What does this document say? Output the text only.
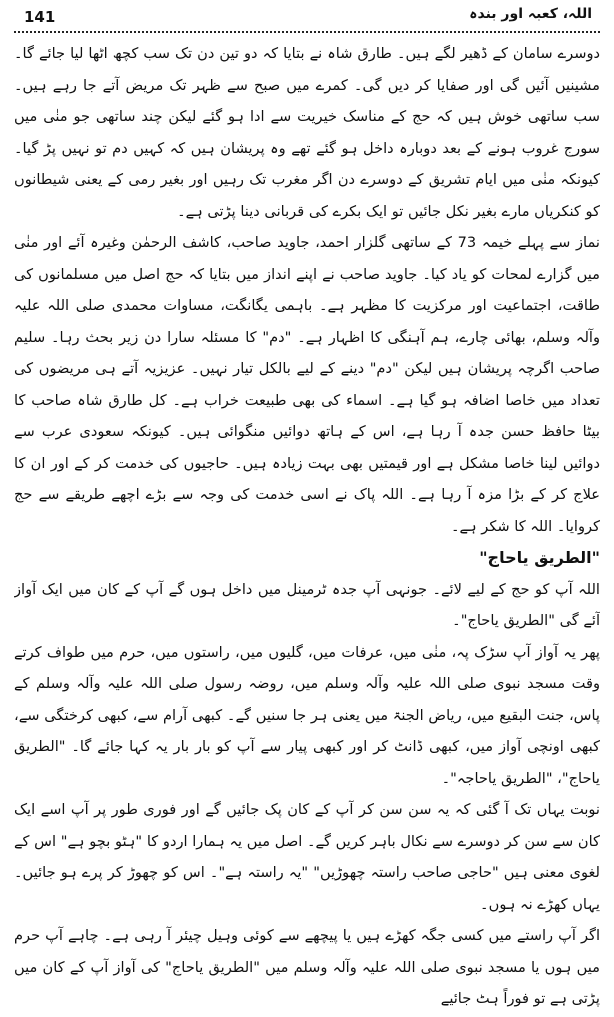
141	اللہ، کعبہ اور بندہ

دوسرے سامان کے ڈھیر لگے ہیں۔ طارق شاہ نے بتایا کہ دو تین دن تک سب کچھ اٹھا لیا جائے گا۔ مشینیں آئیں گی اور صفایا کر دیں گی۔ کمرے میں صبح سے ظہر تک مریض آتے جا رہے ہیں۔ سب ساتھی خوش ہیں کہ حج کے مناسک خیریت سے ادا ہو گئے لیکن چند ساتھی جو منٰی میں سورج غروب ہونے کے بعد دوبارہ داخل ہو گئے تھے وہ پریشان ہیں کہ کہیں دم تو نہیں پڑ گیا۔ کیونکہ منٰی میں ایام تشریق کے دوسرے دن اگر مغرب تک رہیں اور بغیر رمی کے یعنی شیطانوں کو کنکریاں مارے بغیر نکل جائیں تو ایک بکرے کی قربانی دینا پڑتی ہے۔

نماز سے پہلے خیمہ 73 کے ساتھی گلزار احمد، جاوید صاحب، کاشف الرحمٰن وغیرہ آئے اور منٰی میں گزارے لمحات کو یاد کیا۔ جاوید صاحب نے اپنے انداز میں بتایا کہ حج اصل میں مسلمانوں کی طاقت، اجتماعیت اور مرکزیت کا مظہر ہے۔ باہمی یگانگت، مساوات محمدی صلی اللہ علیہ وآلہ وسلم، بھائی چارے، ہم آہنگی کا اظہار ہے۔ "دم" کا مسئلہ سارا دن زیر بحث رہا۔ سلیم صاحب اگرچہ پریشان ہیں لیکن "دم" دینے کے لیے بالکل تیار نہیں۔ عزیزیہ آتے ہی مریضوں کی تعداد میں خاصا اضافہ ہو گیا ہے۔ اسماء کی بھی طبیعت خراب ہے۔ کل طارق شاہ صاحب کا بیٹا حافظ حسن جدہ آ رہا ہے، اس کے ہاتھ دوائیں منگوائی ہیں۔ کیونکہ سعودی عرب سے دوائیں لینا خاصا مشکل ہے اور قیمتیں بھی بہت زیادہ ہیں۔ حاجیوں کی خدمت کر کے اور ان کا علاج کر کے بڑا مزہ آ رہا ہے۔ اللہ پاک نے اسی خدمت کی وجہ سے بڑے اچھے طریقے سے حج کروایا۔ اللہ کا شکر ہے۔

"الطریق یاحاج"

اللہ آپ کو حج کے لیے لائے۔ جونہی آپ جدہ ٹرمینل میں داخل ہوں گے آپ کے کان میں ایک آواز آئے گی "الطریق یاحاج"۔

پھر یہ آواز آپ سڑک پہ، منٰی میں، عرفات میں، گلیوں میں، راستوں میں، حرم میں طواف کرتے وقت مسجد نبوی صلی اللہ علیہ وآلہ وسلم میں، روضہ رسول صلی اللہ علیہ وآلہ وسلم کے پاس، جنت البقیع میں، ریاض الجنۃ میں یعنی ہر جا سنیں گے۔ کبھی آرام سے، کبھی کرختگی سے، کبھی اونچی آواز میں، کبھی ڈانٹ کر اور کبھی پیار سے آپ کو بار بار یہ کہا جائے گا۔ "الطریق یاحاج"، "الطریق یاحاجہ"۔

نوبت یہاں تک آ گئی کہ یہ سن سن کر آپ کے کان پک جائیں گے اور فوری طور پر آپ اسے ایک کان سے سن کر دوسرے سے نکال باہر کریں گے۔ اصل میں یہ ہمارا اردو کا "ہٹو بچو ہے" اس کے لغوی معنی ہیں "حاجی صاحب راستہ چھوڑیں" "یہ راستہ ہے"۔ اس کو چھوڑ کر پرے ہو جائیں۔ یہاں کھڑے نہ ہوں۔

اگر آپ راستے میں کسی جگہ کھڑے ہیں یا پیچھے سے کوئی وہیل چیئر آ رہی ہے۔ چاہے آپ حرم میں ہوں یا مسجد نبوی صلی اللہ علیہ وآلہ وسلم میں "الطریق یاحاج" کی آواز آپ کے کان میں پڑتی ہے تو فوراً ہٹ جائیے
